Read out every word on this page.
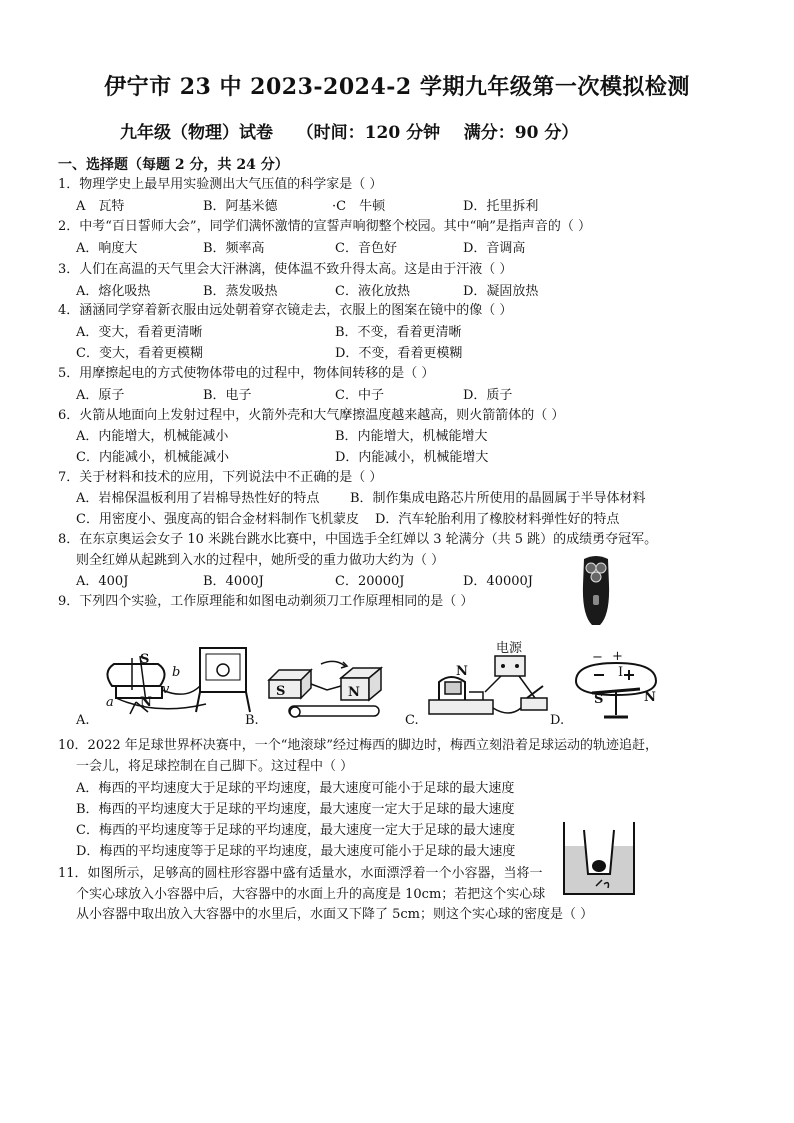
伊宁市 23 中 2023-2024-2 学期九年级第一次模拟检测
九年级（物理）试卷    （时间：120 分钟    满分：90 分）
一、选择题（每题 2 分，共 24 分）
1．物理学史上最早用实验测出大气压值的科学家是（ ）
A　瓦特	B．阿基米德	·C　牛顿	D．托里拆利
2．中考“百日誓师大会”，同学们满怀激情的宣誓声响彻整个校园。其中“响”是指声音的（ ）
A．响度大	B．频率高	C．音色好	D．音调高
3．人们在高温的天气里会大汗淋漓，使体温不致升得太高。这是由于汗液（ ）
A．熔化吸热	B．蒸发吸热	C．液化放热	D．凝固放热
4．涵涵同学穿着新衣服由远处朝着穿衣镜走去，衣服上的图案在镜中的像（ ）
A．变大，看着更清晰	B．不变，看着更清晰
C．变大，看着更模糊	D．不变，看着更模糊
5．用摩擦起电的方式使物体带电的过程中，物体间转移的是（ ）
A．原子	B．电子	C．中子	D．质子
6．火箭从地面向上发射过程中，火箭外壳和大气摩擦温度越来越高，则火箭箭体的（ ）
A．内能增大，机械能减小	B．内能增大，机械能增大
C．内能减小，机械能减小	D．内能减小，机械能增大
7．关于材料和技术的应用，下列说法中不正确的是（ ）
A．岩棉保温板利用了岩棉导热性好的特点 B．制作集成电路芯片所使用的晶圆属于半导体材料
C．用密度小、强度高的铝合金材料制作飞机蒙皮 D．汽车轮胎利用了橡胶材料弹性好的特点
8．在东京奥运会女子 10 米跳台跳水比赛中，中国选手全红婵以 3 轮满分（共 5 跳）的成绩勇夺冠军。
则全红婵从起跳到入水的过程中，她所受的重力做功大约为（ ）
A．400J	B．4000J	C．20000J	D．40000J
9．下列四个实验，工作原理能和如图电动剃须刀工作原理相同的是（ ）
S
N
a
b
v
A.
S	N
B.
电源
N
C.
− +
I
S	N
D.
10．2022 年足球世界杯决赛中，一个“地滚球”经过梅西的脚边时，梅西立刻沿着足球运动的轨迹追赶，
一会儿，将足球控制在自己脚下。这过程中（ ）
A．梅西的平均速度大于足球的平均速度，最大速度可能小于足球的最大速度
B．梅西的平均速度大于足球的平均速度，最大速度一定大于足球的最大速度
C．梅西的平均速度等于足球的平均速度，最大速度一定大于足球的最大速度
D．梅西的平均速度等于足球的平均速度，最大速度可能小于足球的最大速度
11．如图所示，足够高的圆柱形容器中盛有适量水，水面漂浮着一个小容器，当将一
个实心球放入小容器中后，大容器中的水面上升的高度是 10cm；若把这个实心球
从小容器中取出放入大容器中的水里后，水面又下降了 5cm；则这个实心球的密度是（ ）
